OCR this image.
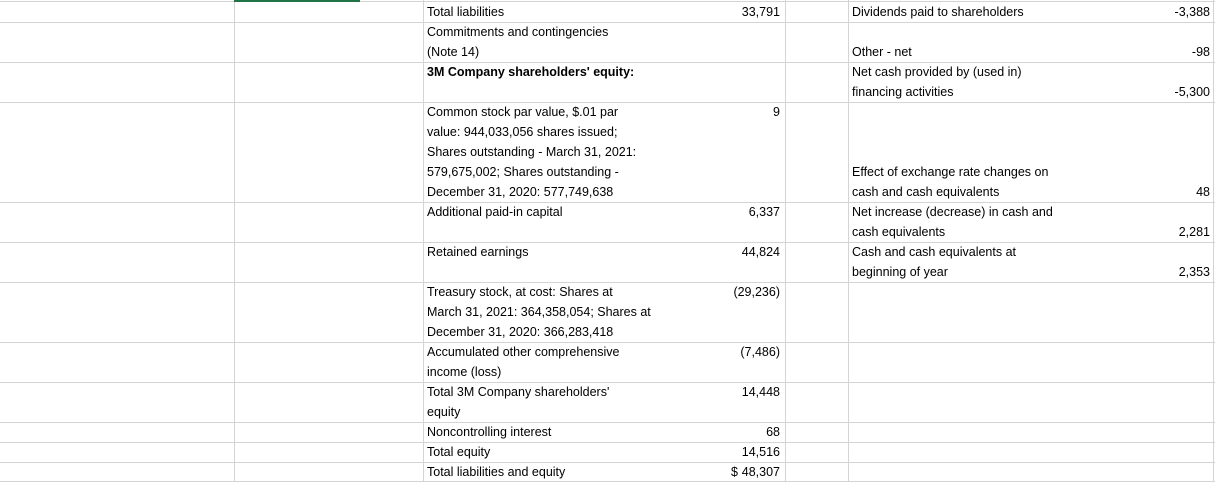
Total liabilities
Commitments and contingencies
(Note 14)
3M Company shareholders' equity:
Common stock par value, $.01 par
value: 944,033,056 shares issued;
Shares outstanding - March 31, 2021:
579,675,002; Shares outstanding -
December 31, 2020: 577,749,638
Additional paid-in capital
Retained earnings
Treasury stock, at cost: Shares at
March 31, 2021: 364,358,054; Shares at
December 31, 2020: 366,283,418
Accumulated other comprehensive
income (loss)
Total 3M Company shareholders'
equity
Noncontrolling interest
Total equity
Total liabilities and equity
33,791
9
6,337
44,824
(29,236)
(7,486)
14,448
68
14,516
$ 48,307
Dividends paid to shareholders
Other - net
Net cash provided by (used in)
financing activities
Effect of exchange rate changes on
cash and cash equivalents
Net increase (decrease) in cash and
cash equivalents
Cash and cash equivalents at
beginning of year
-3,388
-98
-5,300
48
2,281
2,353
